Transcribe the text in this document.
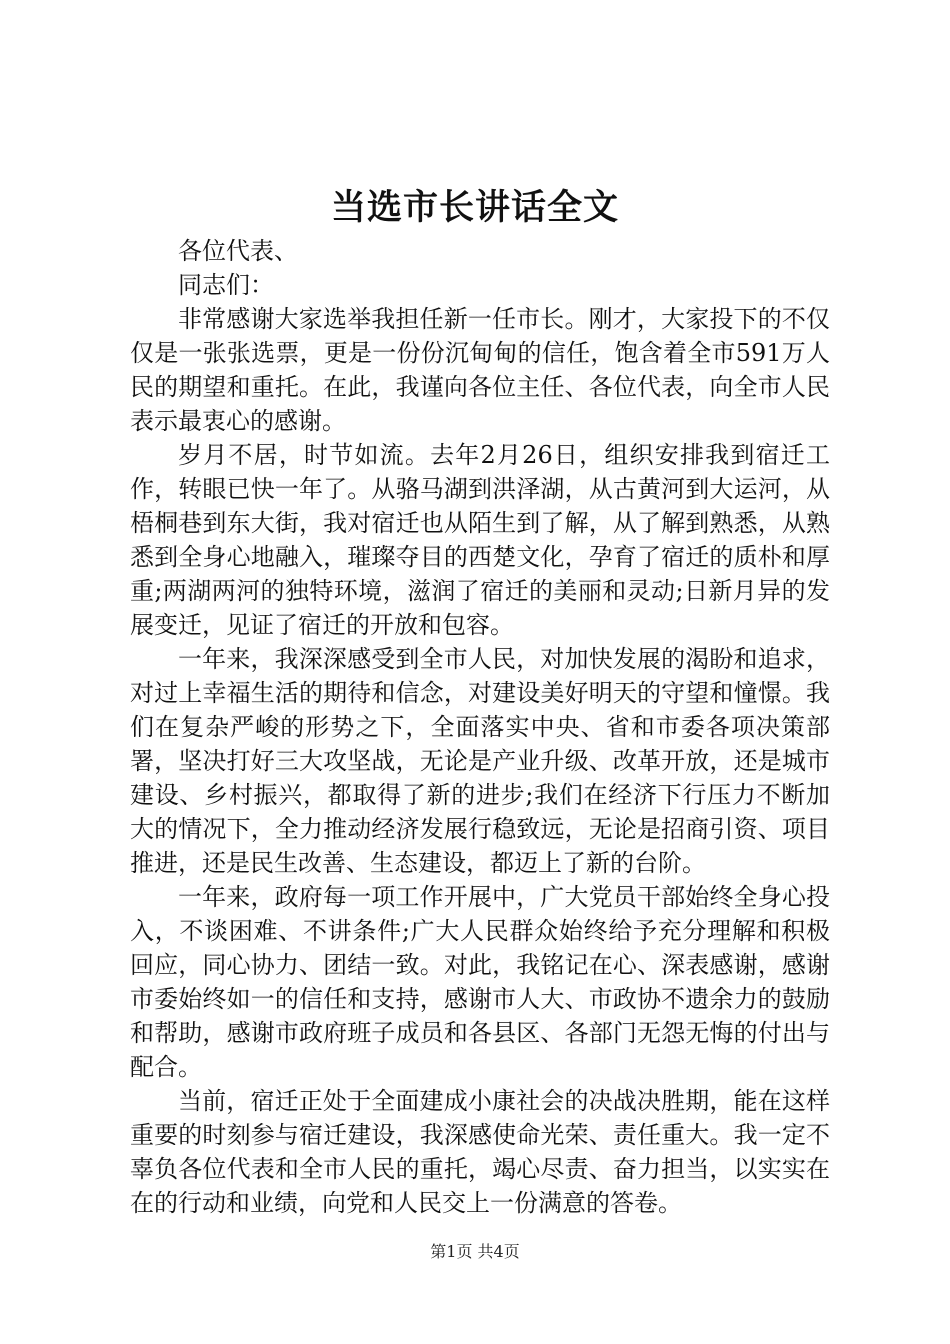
当选市长讲话全文
各位代表、
同志们：

非常感谢大家选举我担任新一任市长。刚才，大家投下的不仅仅是一张张选票，更是一份份沉甸甸的信任，饱含着全市591万人民的期望和重托。在此，我谨向各位主任、各位代表，向全市人民表示最衷心的感谢。

岁月不居，时节如流。去年2月26日，组织安排我到宿迁工作，转眼已快一年了。从骆马湖到洪泽湖，从古黄河到大运河，从梧桐巷到东大街，我对宿迁也从陌生到了解，从了解到熟悉，从熟悉到全身心地融入，璀璨夺目的西楚文化，孕育了宿迁的质朴和厚重;两湖两河的独特环境，滋润了宿迁的美丽和灵动;日新月异的发展变迁，见证了宿迁的开放和包容。

一年来，我深深感受到全市人民，对加快发展的渴盼和追求，对过上幸福生活的期待和信念，对建设美好明天的守望和憧憬。我们在复杂严峻的形势之下，全面落实中央、省和市委各项决策部署，坚决打好三大攻坚战，无论是产业升级、改革开放，还是城市建设、乡村振兴，都取得了新的进步;我们在经济下行压力不断加大的情况下，全力推动经济发展行稳致远，无论是招商引资、项目推进，还是民生改善、生态建设，都迈上了新的台阶。

一年来，政府每一项工作开展中，广大党员干部始终全身心投入，不谈困难、不讲条件;广大人民群众始终给予充分理解和积极回应，同心协力、团结一致。对此，我铭记在心、深表感谢，感谢市委始终如一的信任和支持，感谢市人大、市政协不遗余力的鼓励和帮助，感谢市政府班子成员和各县区、各部门无怨无悔的付出与配合。

当前，宿迁正处于全面建成小康社会的决战决胜期，能在这样重要的时刻参与宿迁建设，我深感使命光荣、责任重大。我一定不辜负各位代表和全市人民的重托，竭心尽责、奋力担当，以实实在在的行动和业绩，向党和人民交上一份满意的答卷。

第1页 共4页
